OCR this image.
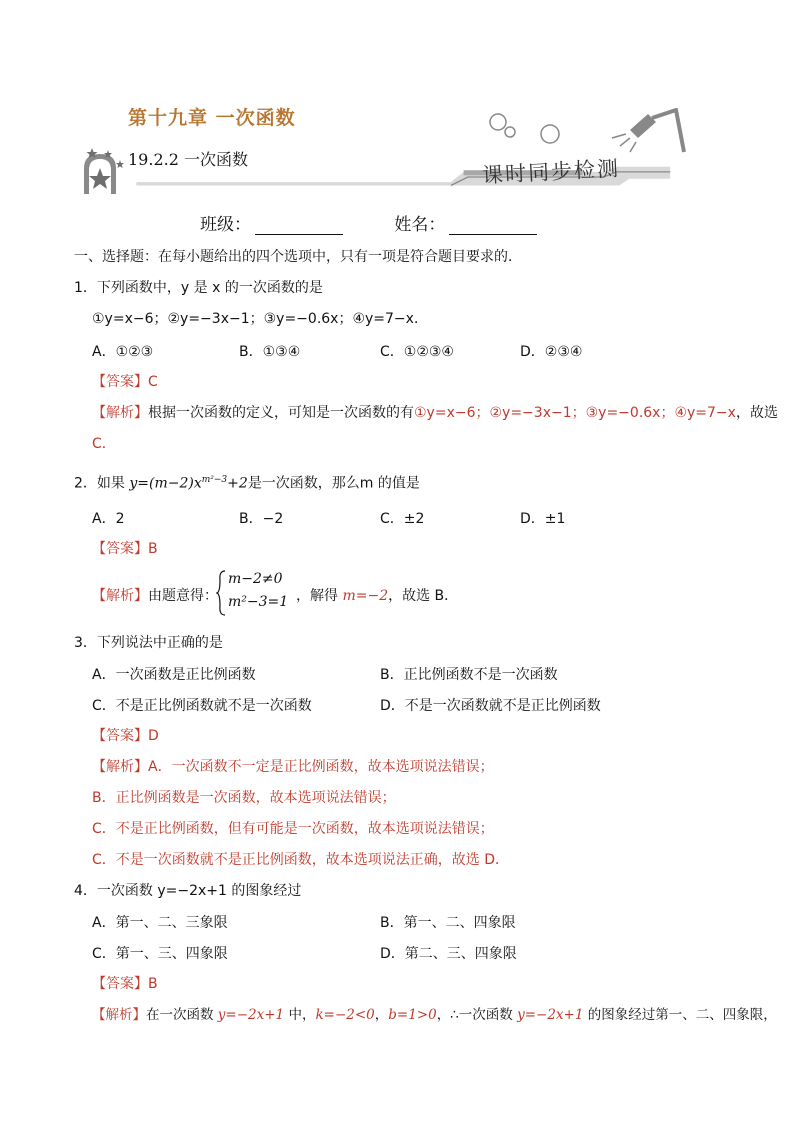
第十九章 一次函数
19.2.2 一次函数	课时同步检测
班级：	姓名：
一、选择题：在每小题给出的四个选项中，只有一项是符合题目要求的．
1．下列函数中，y 是 x 的一次函数的是
①y=x−6；②y=−3x−1；③y=−0.6x；④y=7−x．
A．①②③	B．①③④	C．①②③④	D．②③④
【答案】C
【解析】根据一次函数的定义，可知是一次函数的有①y=x−6；②y=−3x−1；③y=−0.6x；④y=7−x，故选
C．
2．如果 $y=(m-2)x^{m^2-3}+2$是一次函数，那么m 的值是
A．2	B．−2	C．±2	D．±1
【答案】B
【解析】由题意得：
m−2≠0
m²−3=1 ，解得 m=−2，故选 B．
3．下列说法中正确的是
A．一次函数是正比例函数	B．正比例函数不是一次函数
C．不是正比例函数就不是一次函数	D．不是一次函数就不是正比例函数
【答案】D
【解析】A．一次函数不一定是正比例函数，故本选项说法错误；
B．正比例函数是一次函数，故本选项说法错误；
C．不是正比例函数，但有可能是一次函数，故本选项说法错误；
C．不是一次函数就不是正比例函数，故本选项说法正确，故选 D．
4．一次函数 y=−2x+1 的图象经过
A．第一、二、三象限	B．第一、二、四象限
C．第一、三、四象限	D．第二、三、四象限
【答案】B
【解析】在一次函数 y=−2x+1 中，k=−2<0，b=1>0，∴一次函数 y=−2x+1 的图象经过第一、二、四象限，
